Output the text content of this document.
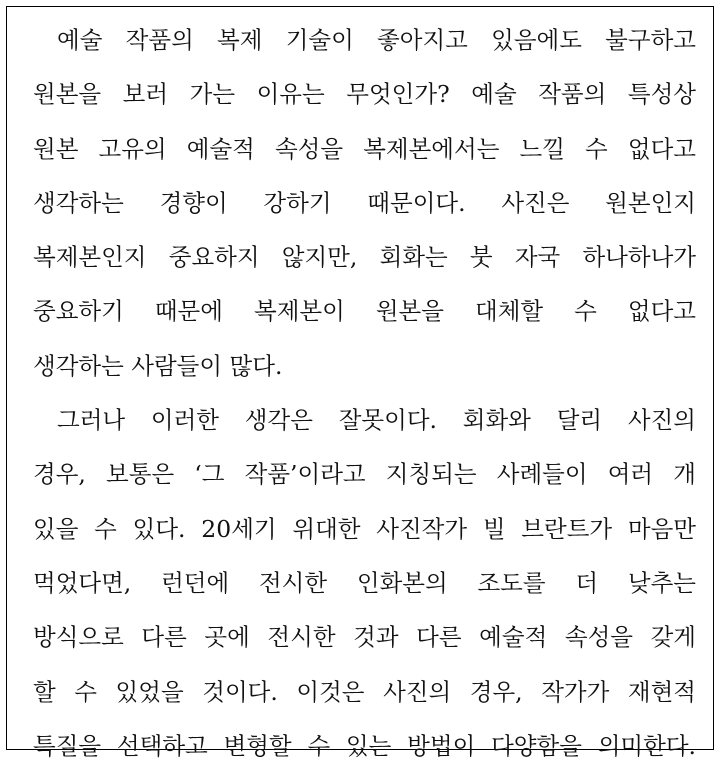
예술 작품의 복제 기술이 좋아지고 있음에도 불구하고
원본을 보러 가는 이유는 무엇인가? 예술 작품의 특성상
원본 고유의 예술적 속성을 복제본에서는 느낄 수 없다고
생각하는 경향이 강하기 때문이다. 사진은 원본인지
복제본인지 중요하지 않지만, 회화는 붓 자국 하나하나가
중요하기 때문에 복제본이 원본을 대체할 수 없다고
생각하는 사람들이 많다.
그러나 이러한 생각은 잘못이다. 회화와 달리 사진의
경우, 보통은 ‘그 작품’이라고 지칭되는 사례들이 여러 개
있을 수 있다. 20세기 위대한 사진작가 빌 브란트가 마음만
먹었다면, 런던에 전시한 인화본의 조도를 더 낮추는
방식으로 다른 곳에 전시한 것과 다른 예술적 속성을 갖게
할 수 있었을 것이다. 이것은 사진의 경우, 작가가 재현적
특질을 선택하고 변형할 수 있는 방법이 다양함을 의미한다.
